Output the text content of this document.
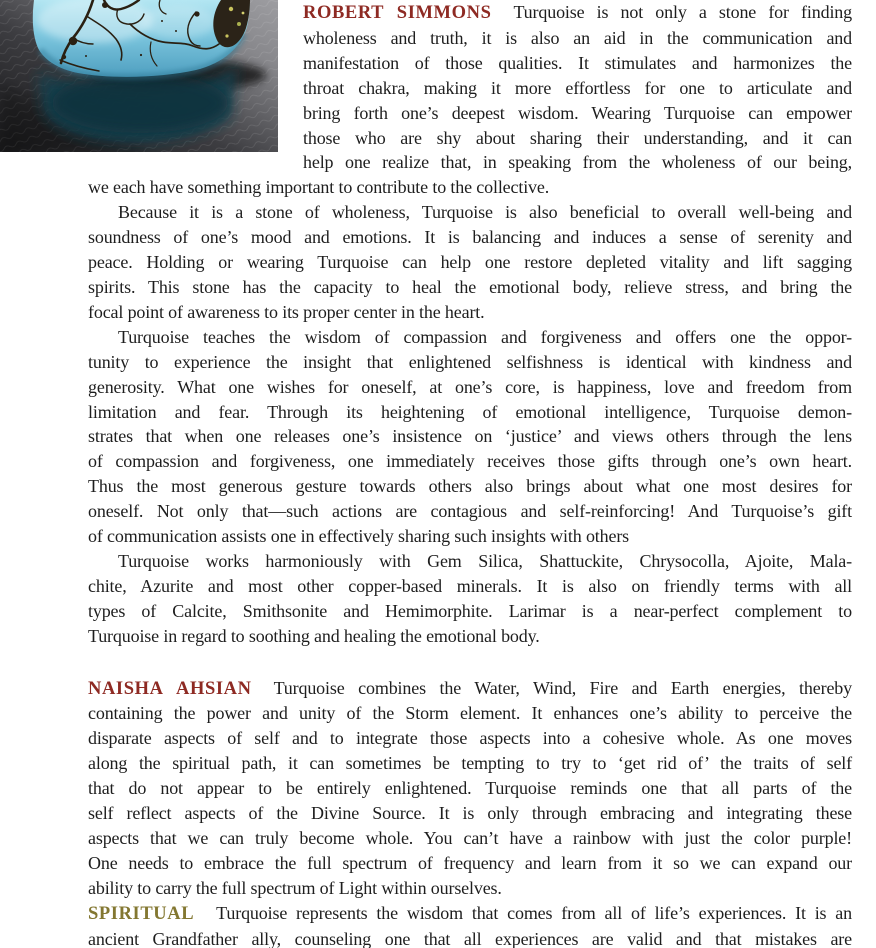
ROBERT SIMMONS Turquoise is not only a stone for finding
wholeness and truth, it is also an aid in the communication and
manifestation of those qualities. It stimulates and harmonizes the
throat chakra, making it more effortless for one to articulate and
bring forth one’s deepest wisdom. Wearing Turquoise can empower
those who are shy about sharing their understanding, and it can
help one realize that, in speaking from the wholeness of our being,
we each have something important to contribute to the collective.
Because it is a stone of wholeness, Turquoise is also beneficial to overall well-being and
soundness of one’s mood and emotions. It is balancing and induces a sense of serenity and
peace. Holding or wearing Turquoise can help one restore depleted vitality and lift sagging
spirits. This stone has the capacity to heal the emotional body, relieve stress, and bring the
focal point of awareness to its proper center in the heart.
Turquoise teaches the wisdom of compassion and forgiveness and offers one the oppor-
tunity to experience the insight that enlightened selfishness is identical with kindness and
generosity. What one wishes for oneself, at one’s core, is happiness, love and freedom from
limitation and fear. Through its heightening of emotional intelligence, Turquoise demon-
strates that when one releases one’s insistence on ‘justice’ and views others through the lens
of compassion and forgiveness, one immediately receives those gifts through one’s own heart.
Thus the most generous gesture towards others also brings about what one most desires for
oneself. Not only that—such actions are contagious and self-reinforcing! And Turquoise’s gift
of communication assists one in effectively sharing such insights with others
Turquoise works harmoniously with Gem Silica, Shattuckite, Chrysocolla, Ajoite, Mala-
chite, Azurite and most other copper-based minerals. It is also on friendly terms with all
types of Calcite, Smithsonite and Hemimorphite. Larimar is a near-perfect complement to
Turquoise in regard to soothing and healing the emotional body.
NAISHA AHSIAN Turquoise combines the Water, Wind, Fire and Earth energies, thereby
containing the power and unity of the Storm element. It enhances one’s ability to perceive the
disparate aspects of self and to integrate those aspects into a cohesive whole. As one moves
along the spiritual path, it can sometimes be tempting to try to ‘get rid of’ the traits of self
that do not appear to be entirely enlightened. Turquoise reminds one that all parts of the
self reflect aspects of the Divine Source. It is only through embracing and integrating these
aspects that we can truly become whole. You can’t have a rainbow with just the color purple!
One needs to embrace the full spectrum of frequency and learn from it so we can expand our
ability to carry the full spectrum of Light within ourselves.
SPIRITUAL Turquoise represents the wisdom that comes from all of life’s experiences. It is an
ancient Grandfather ally, counseling one that all experiences are valid and that mistakes are
